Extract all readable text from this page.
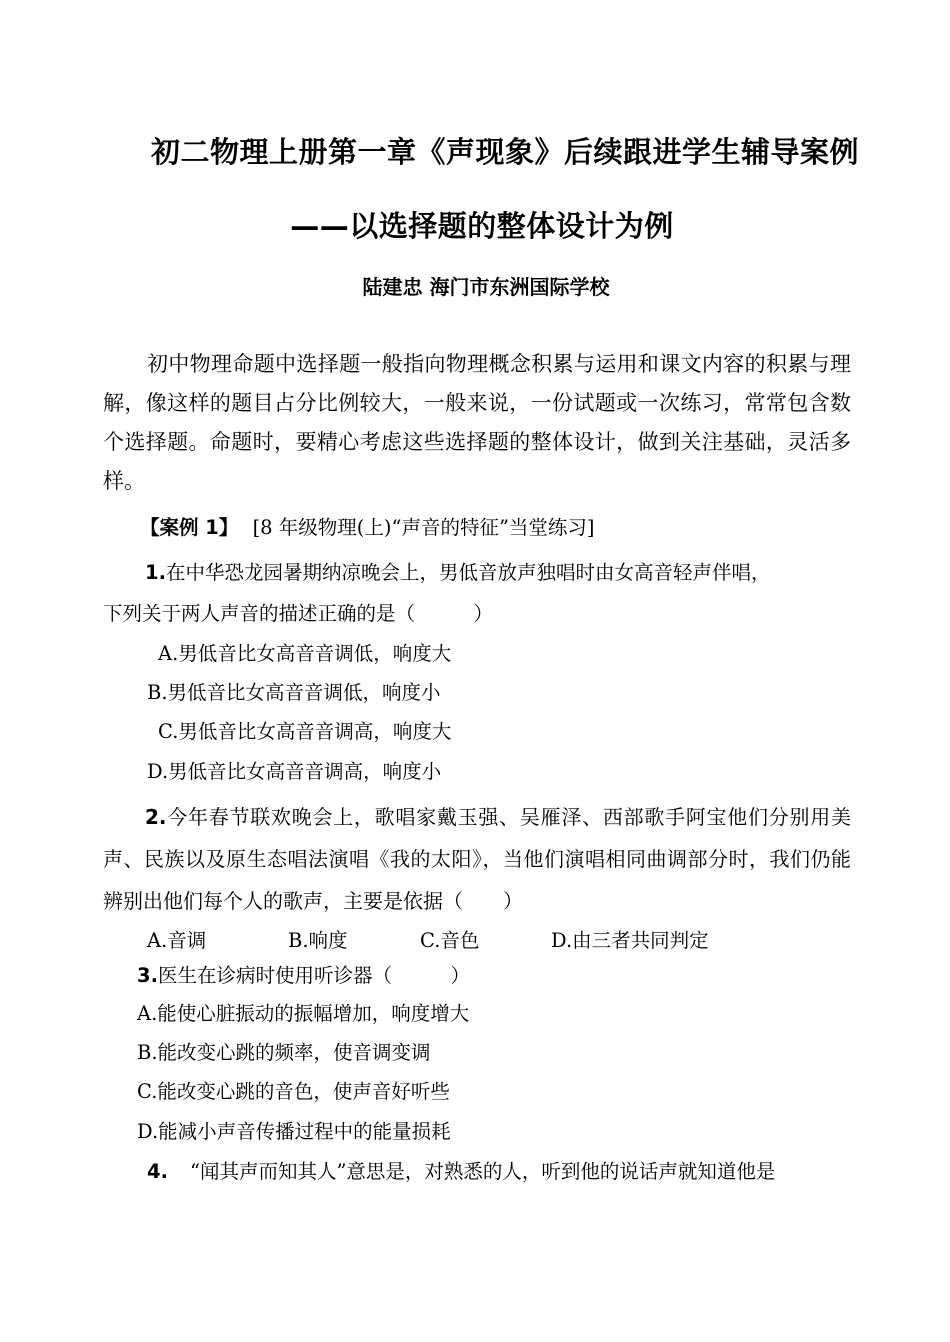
初二物理上册第一章《声现象》后续跟进学生辅导案例
——以选择题的整体设计为例
陆建忠 海门市东洲国际学校

初中物理命题中选择题一般指向物理概念积累与运用和课文内容的积累与理解，像这样的题目占分比例较大，一般来说，一份试题或一次练习，常常包含数个选择题。命题时，要精心考虑这些选择题的整体设计，做到关注基础，灵活多样。

【案例 1】 [8 年级物理(上)“声音的特征”当堂练习]
1.在中华恐龙园暑期纳凉晚会上，男低音放声独唱时由女高音轻声伴唱，
下列关于两人声音的描述正确的是（　　　）
A.男低音比女高音音调低，响度大
B.男低音比女高音音调低，响度小
C.男低音比女高音音调高，响度大
D.男低音比女高音音调高，响度小

2.今年春节联欢晚会上，歌唱家戴玉强、吴雁泽、西部歌手阿宝他们分别用美声、民族以及原生态唱法演唱《我的太阳》，当他们演唱相同曲调部分时，我们仍能辨别出他们每个人的歌声，主要是依据（　　）

A.音调	B.响度	C.音色	D.由三者共同判定
3.医生在诊病时使用听诊器（　　　）
A.能使心脏振动的振幅增加，响度增大
B.能改变心跳的频率，使音调变调
C.能改变心跳的音色，使声音好听些
D.能减小声音传播过程中的能量损耗
4. “闻其声而知其人”意思是，对熟悉的人，听到他的说话声就知道他是
